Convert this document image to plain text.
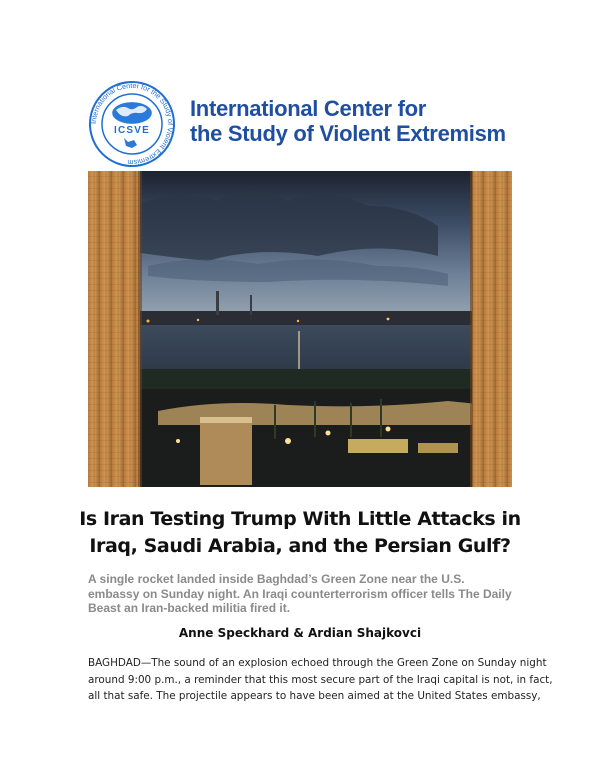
International Center for the Study of Violent Extremism
ICSVE
International Center for
the Study of Violent Extremism
Is Iran Testing Trump With Little Attacks in
Iraq, Saudi Arabia, and the Persian Gulf?
A single rocket landed inside Baghdad’s Green Zone near the U.S.
embassy on Sunday night. An Iraqi counterterrorism officer tells The Daily
Beast an Iran-backed militia fired it.
Anne Speckhard & Ardian Shajkovci
BAGHDAD—The sound of an explosion echoed through the Green Zone on Sunday night
around 9:00 p.m., a reminder that this most secure part of the Iraqi capital is not, in fact,
all that safe. The projectile appears to have been aimed at the United States embassy,
